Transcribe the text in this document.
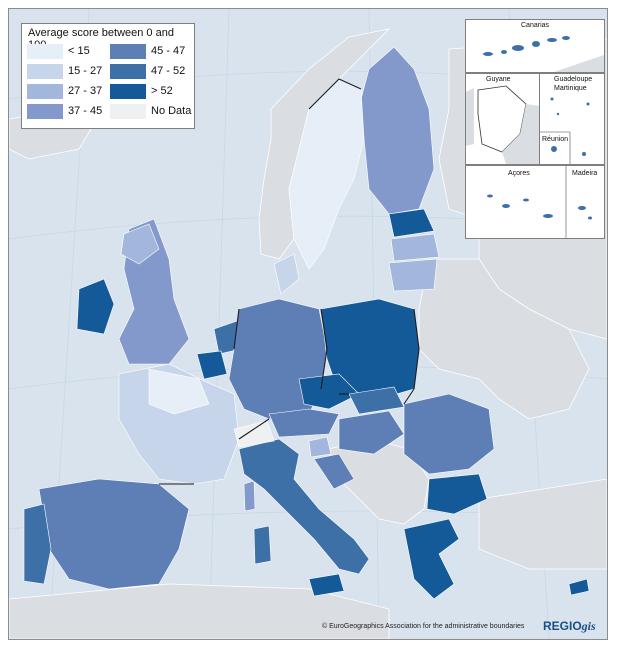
Average score between 0 and
< 15
15 - 27
27 - 37
37 - 45
45 - 47
47 - 52
> 52
No Data
Canarias
Guyane	Guadeloupe
Martinique
Réunion
Açores	Madeira
© EuroGeographics Association for the administrative boundaries REGIOgis
